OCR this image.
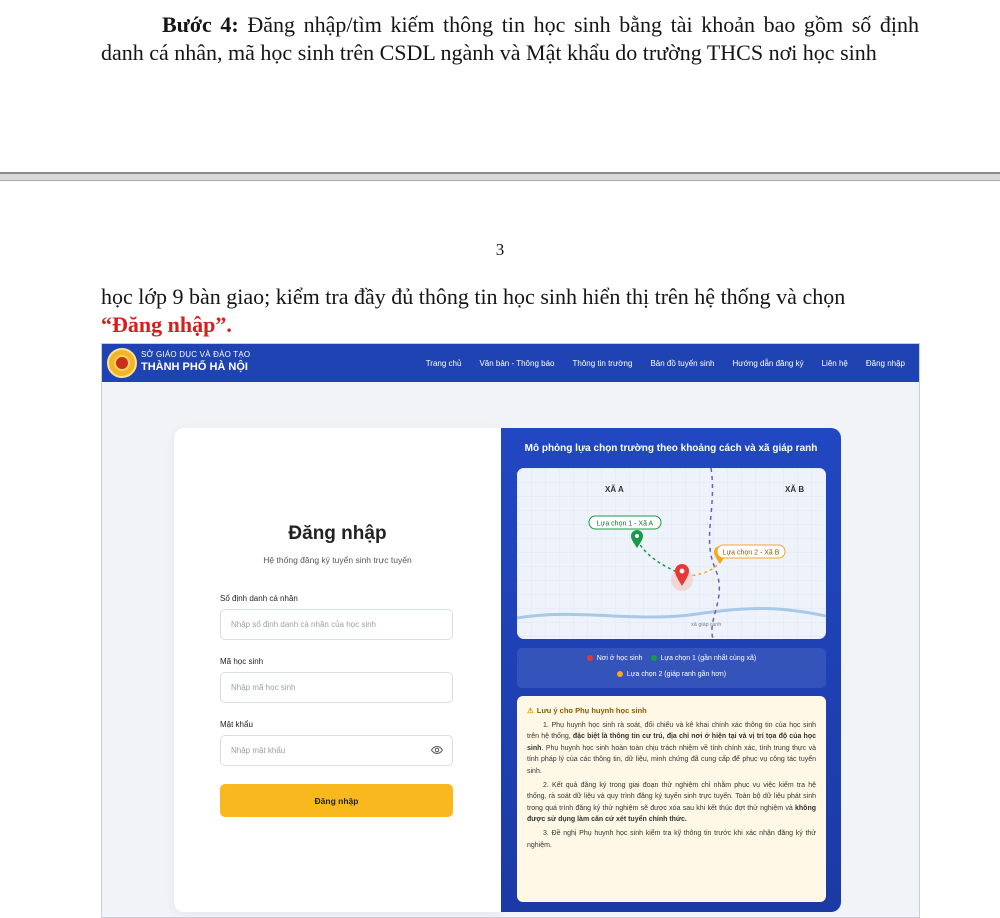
Bước 4: Đăng nhập/tìm kiếm thông tin học sinh bằng tài khoản bao gồm số định danh cá nhân, mã học sinh trên CSDL ngành và Mật khẩu do trường THCS nơi học sinh
3
học lớp 9 bàn giao; kiểm tra đầy đủ thông tin học sinh hiển thị trên hệ thống và chọn
“Đăng nhập”.
SỞ GIÁO DỤC VÀ ĐÀO TẠO
THÀNH PHỐ HÀ NỘI	Trang chủ Văn bản - Thông báo Thông tin trường Bản đồ tuyến sinh Hướng dẫn đăng ký Liên hệ Đăng nhập
Đăng nhập
Hệ thống đăng ký tuyển sinh trực tuyến
Số định danh cá nhân
Nhập số định danh cá nhân của học sinh
Mã học sinh
Nhập mã học sinh
Mật khẩu
Đăng nhập
Mô phỏng lựa chọn trường theo khoảng cách và xã giáp ranh
XÃ A	XÃ B
Lựa chọn 1 - Xã A
Lựa chọn 2 - Xã B
xã giáp ranh
Nơi ở học sinh	Lựa chọn 1 (gần nhất cùng xã)
Lựa chọn 2 (giáp ranh gần hơn)
⚠ Lưu ý cho Phụ huynh học sinh

1. Phụ huynh học sinh rà soát, đối chiếu và kê khai chính xác thông tin của học sinh trên hệ thống, đặc biệt là thông tin cư trú, địa chỉ nơi ở hiện tại và vị trí tọa độ của học sinh. Phụ huynh học sinh hoàn toàn chịu trách nhiệm về tính chính xác, tính trung thực và tính pháp lý của các thông tin, dữ liệu, minh chứng đã cung cấp để phục vụ công tác tuyển sinh.

2. Kết quả đăng ký trong giai đoạn thử nghiệm chỉ nhằm phục vụ việc kiểm tra hệ thống, rà soát dữ liệu và quy trình đăng ký tuyển sinh trực tuyến. Toàn bộ dữ liệu phát sinh trong quá trình đăng ký thử nghiệm sẽ được xóa sau khi kết thúc đợt thử nghiệm và không được sử dụng làm căn cứ xét tuyển chính thức.

3. Đề nghị Phụ huynh học sinh kiểm tra kỹ thông tin trước khi xác nhận đăng ký thử nghiệm.
